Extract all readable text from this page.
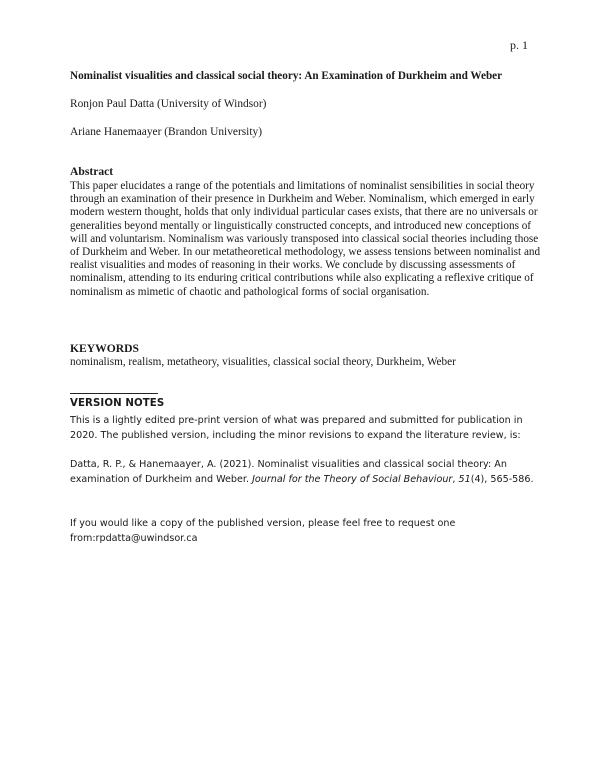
p. 1
Nominalist visualities and classical social theory: An Examination of Durkheim and Weber
Ronjon Paul Datta (University of Windsor)
Ariane Hanemaayer (Brandon University)
Abstract
This paper elucidates a range of the potentials and limitations of nominalist sensibilities in social theory through an examination of their presence in Durkheim and Weber. Nominalism, which emerged in early modern western thought, holds that only individual particular cases exists, that there are no universals or generalities beyond mentally or linguistically constructed concepts, and introduced new conceptions of will and voluntarism. Nominalism was variously transposed into classical social theories including those of Durkheim and Weber. In our metatheoretical methodology, we assess tensions between nominalist and realist visualities and modes of reasoning in their works. We conclude by discussing assessments of nominalism, attending to its enduring critical contributions while also explicating a reflexive critique of nominalism as mimetic of chaotic and pathological forms of social organisation.
KEYWORDS
nominalism, realism, metatheory, visualities, classical social theory, Durkheim, Weber
VERSION NOTES
This is a lightly edited pre-print version of what was prepared and submitted for publication in 2020. The published version, including the minor revisions to expand the literature review, is:
Datta, R. P., & Hanemaayer, A. (2021). Nominalist visualities and classical social theory: An examination of Durkheim and Weber. Journal for the Theory of Social Behaviour, 51(4), 565-586.
If you would like a copy of the published version, please feel free to request one
from:rpdatta@uwindsor.ca
